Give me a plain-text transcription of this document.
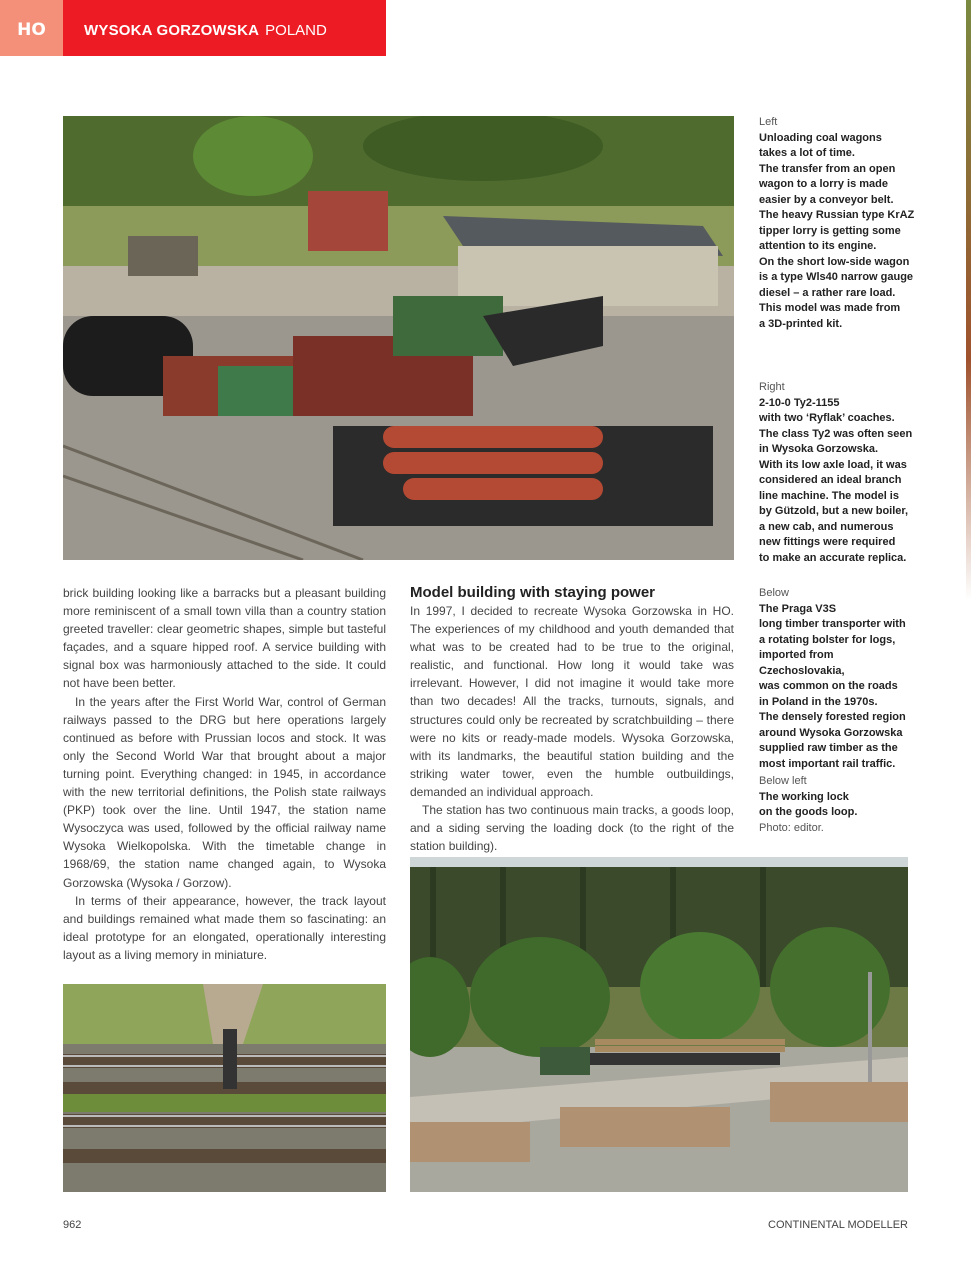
HO	WYSOKA GORZOWSKA POLAND
Left
Unloading coal wagons
takes a lot of time.
The transfer from an open
wagon to a lorry is made
easier by a conveyor belt.
The heavy Russian type KrAZ
tipper lorry is getting some
attention to its engine.
On the short low-side wagon
is a type Wls40 narrow gauge
diesel – a rather rare load.
This model was made from
a 3D-printed kit.
Right
2-10-0 Ty2-1155
with two ‘Ryflak’ coaches.
The class Ty2 was often seen
in Wysoka Gorzowska.
With its low axle load, it was
considered an ideal branch
line machine. The model is
by Gützold, but a new boiler,
a new cab, and numerous
new fittings were required
to make an accurate replica.
Below
The Praga V3S
long timber transporter with
a rotating bolster for logs,
imported from Czechoslovakia,
was common on the roads
in Poland in the 1970s.
The densely forested region
around Wysoka Gorzowska
supplied raw timber as the
most important rail traffic.
Below left
The working lock
on the goods loop.
Photo: editor.

brick building looking like a barracks but a pleasant building more reminiscent of a small town villa than a country station greeted traveller: clear geometric shapes, simple but tasteful façades, and a square hipped roof. A service building with signal box was harmoniously attached to the side. It could not have been better.

In the years after the First World War, control of German railways passed to the DRG but here operations largely continued as before with Prussian locos and stock. It was only the Second World War that brought about a major turning point. Everything changed: in 1945, in accordance with the new territorial definitions, the Polish state railways (PKP) took over the line. Until 1947, the station name Wysoczyca was used, followed by the official railway name Wysoka Wielkopolska. With the timetable change in 1968/69, the station name changed again, to Wysoka Gorzowska (Wysoka / Gorzow).

In terms of their appearance, however, the track layout and buildings remained what made them so fascinating: an ideal prototype for an elongated, operationally interesting layout as a living memory in miniature.

Model building with staying power

In 1997, I decided to recreate Wysoka Gorzowska in HO. The experiences of my childhood and youth demanded that what was to be created had to be true to the original, realistic, and functional. How long it would take was irrelevant. However, I did not imagine it would take more than two decades! All the tracks, turnouts, signals, and structures could only be recreated by scratchbuilding – there were no kits or ready-made models. Wysoka Gorzowska, with its landmarks, the beautiful station building and the striking water tower, even the humble outbuildings, demanded an individual approach.

The station has two continuous main tracks, a goods loop, and a siding serving the loading dock (to the right of the station building).

962	CONTINENTAL MODELLER
